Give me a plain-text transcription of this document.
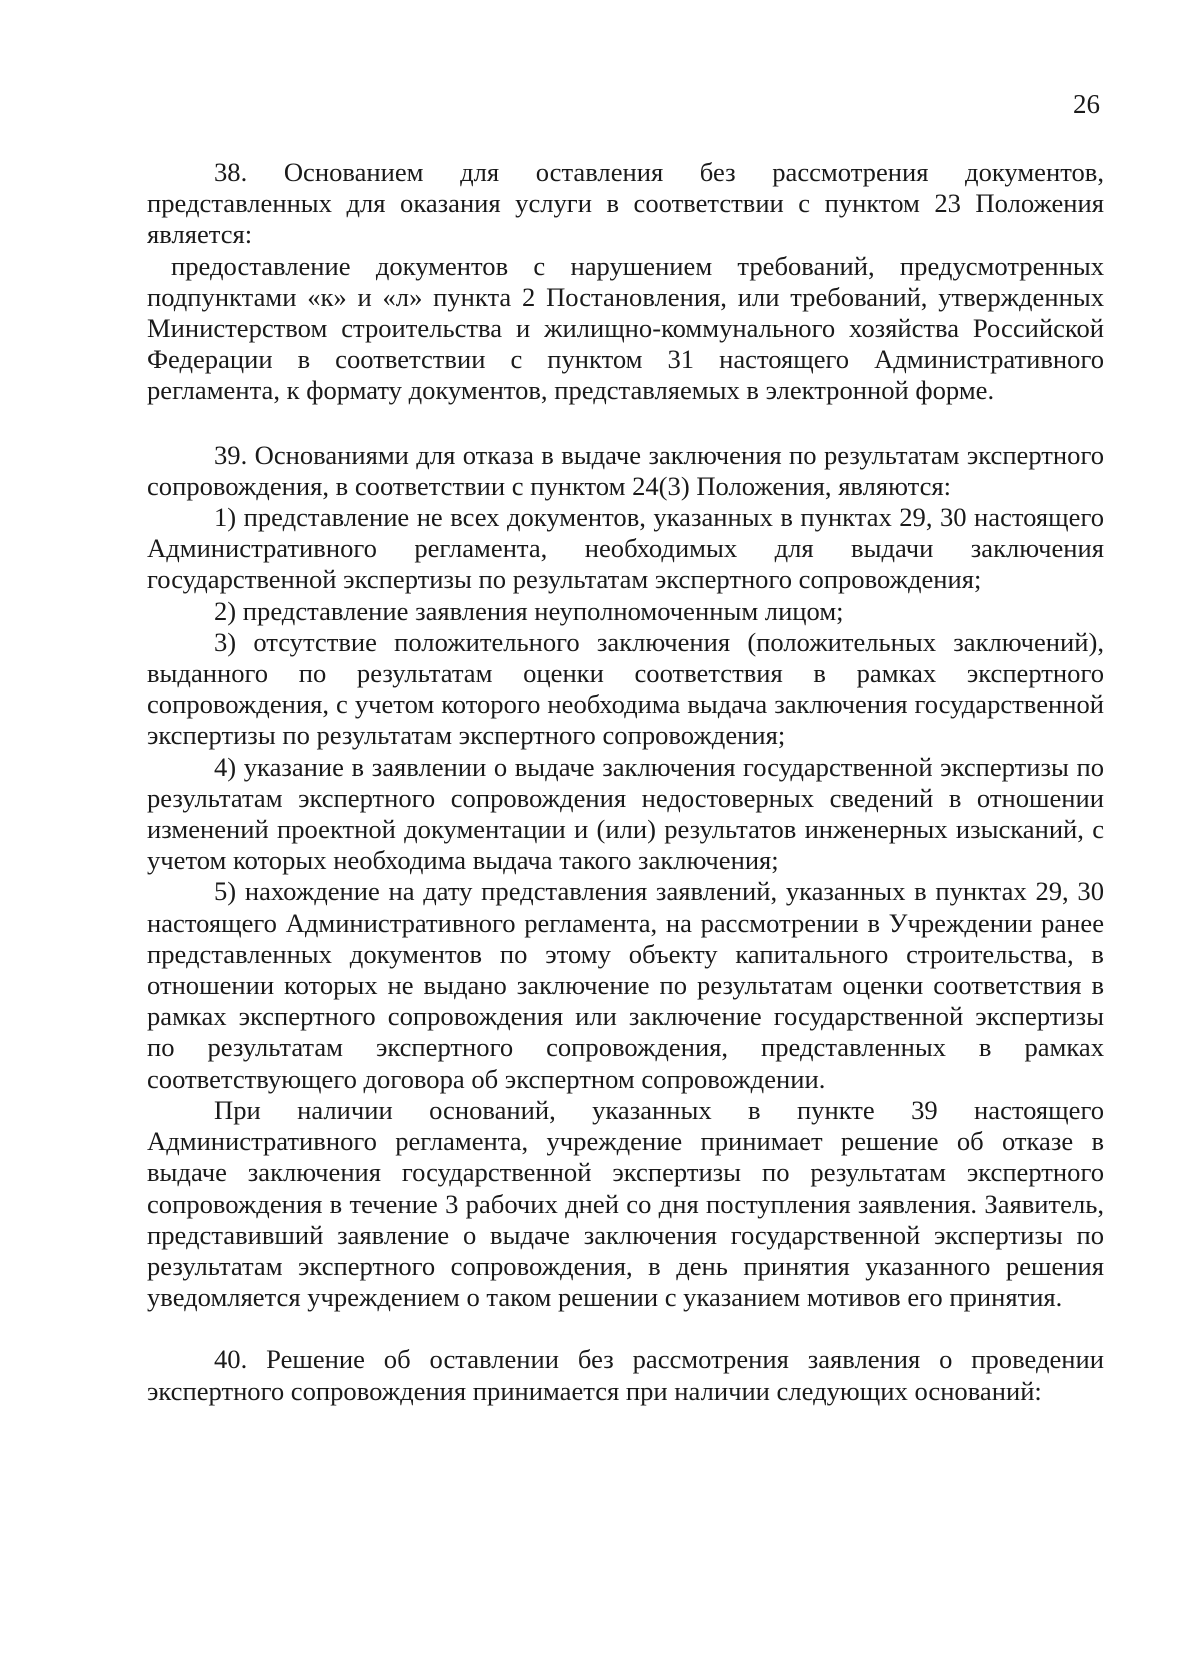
26

38. Основанием для оставления без рассмотрения документов, представленных для оказания услуги в соответствии с пунктом 23 Положения является:

предоставление документов с нарушением требований, предусмотренных подпунктами «к» и «л» пункта 2 Постановления, или требований, утвержденных Министерством строительства и жилищно-коммунального хозяйства Российской Федерации в соответствии с пунктом 31 настоящего Административного регламента, к формату документов, представляемых в электронной форме.

39. Основаниями для отказа в выдаче заключения по результатам экспертного сопровождения, в соответствии с пунктом 24(3) Положения, являются:

1) представление не всех документов, указанных в пунктах 29, 30 настоящего Административного регламента, необходимых для выдачи заключения государственной экспертизы по результатам экспертного сопровождения;

2) представление заявления неуполномоченным лицом;

3) отсутствие положительного заключения (положительных заключений), выданного по результатам оценки соответствия в рамках экспертного сопровождения, с учетом которого необходима выдача заключения государственной экспертизы по результатам экспертного сопровождения;

4) указание в заявлении о выдаче заключения государственной экспертизы по результатам экспертного сопровождения недостоверных сведений в отношении изменений проектной документации и (или) результатов инженерных изысканий, с учетом которых необходима выдача такого заключения;

5) нахождение на дату представления заявлений, указанных в пунктах 29, 30 настоящего Административного регламента, на рассмотрении в Учреждении ранее представленных документов по этому объекту капитального строительства, в отношении которых не выдано заключение по результатам оценки соответствия в рамках экспертного сопровождения или заключение государственной экспертизы по результатам экспертного сопровождения, представленных в рамках соответствующего договора об экспертном сопровождении.

При наличии оснований, указанных в пункте 39 настоящего Административного регламента, учреждение принимает решение об отказе в выдаче заключения государственной экспертизы по результатам экспертного сопровождения в течение 3 рабочих дней со дня поступления заявления. Заявитель, представивший заявление о выдаче заключения государственной экспертизы по результатам экспертного сопровождения, в день принятия указанного решения уведомляется учреждением о таком решении с указанием мотивов его принятия.

40. Решение об оставлении без рассмотрения заявления о проведении экспертного сопровождения принимается при наличии следующих оснований:
